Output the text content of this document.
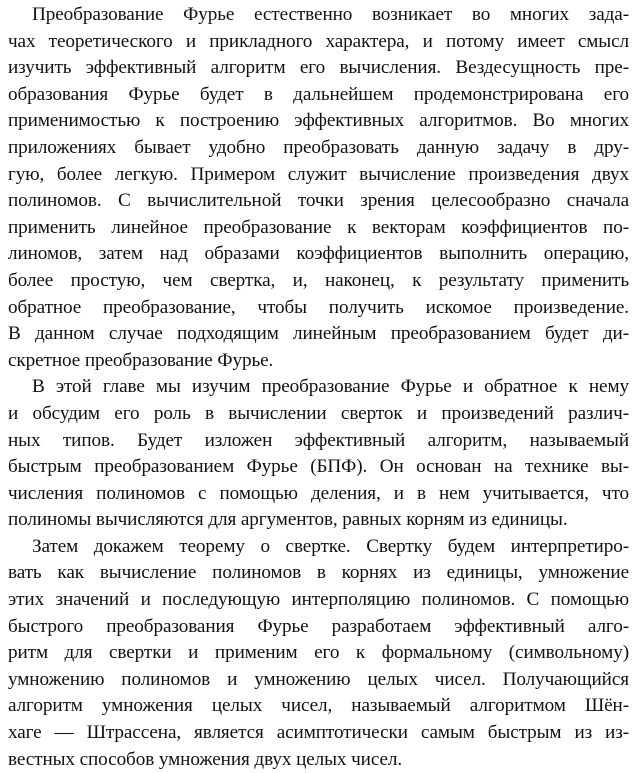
Преобразование Фурье естественно возникает во многих зада-
чах теоретического и прикладного характера, и потому имеет смысл
изучить эффективный алгоритм его вычисления. Вездесущность пре-
образования Фурье будет в дальнейшем продемонстрирована его
применимостью к построению эффективных алгоритмов. Во многих
приложениях бывает удобно преобразовать данную задачу в дру-
гую, более легкую. Примером служит вычисление произведения двух
полиномов. С вычислительной точки зрения целесообразно сначала
применить линейное преобразование к векторам коэффициентов по-
линомов, затем над образами коэффициентов выполнить операцию,
более простую, чем свертка, и, наконец, к результату применить
обратное преобразование, чтобы получить искомое произведение.
В данном случае подходящим линейным преобразованием будет ди-
скретное преобразование Фурье.
В этой главе мы изучим преобразование Фурье и обратное к нему
и обсудим его роль в вычислении сверток и произведений различ-
ных типов. Будет изложен эффективный алгоритм, называемый
быстрым преобразованием Фурье (БПФ). Он основан на технике вы-
числения полиномов с помощью деления, и в нем учитывается, что
полиномы вычисляются для аргументов, равных корням из единицы.
Затем докажем теорему о свертке. Свертку будем интерпретиро-
вать как вычисление полиномов в корнях из единицы, умножение
этих значений и последующую интерполяцию полиномов. С помощью
быстрого преобразования Фурье разработаем эффективный алго-
ритм для свертки и применим его к формальному (символьному)
умножению полиномов и умножению целых чисел. Получающийся
алгоритм умножения целых чисел, называемый алгоритмом Шён-
хаге — Штрассена, является асимптотически самым быстрым из из-
вестных способов умножения двух целых чисел.
